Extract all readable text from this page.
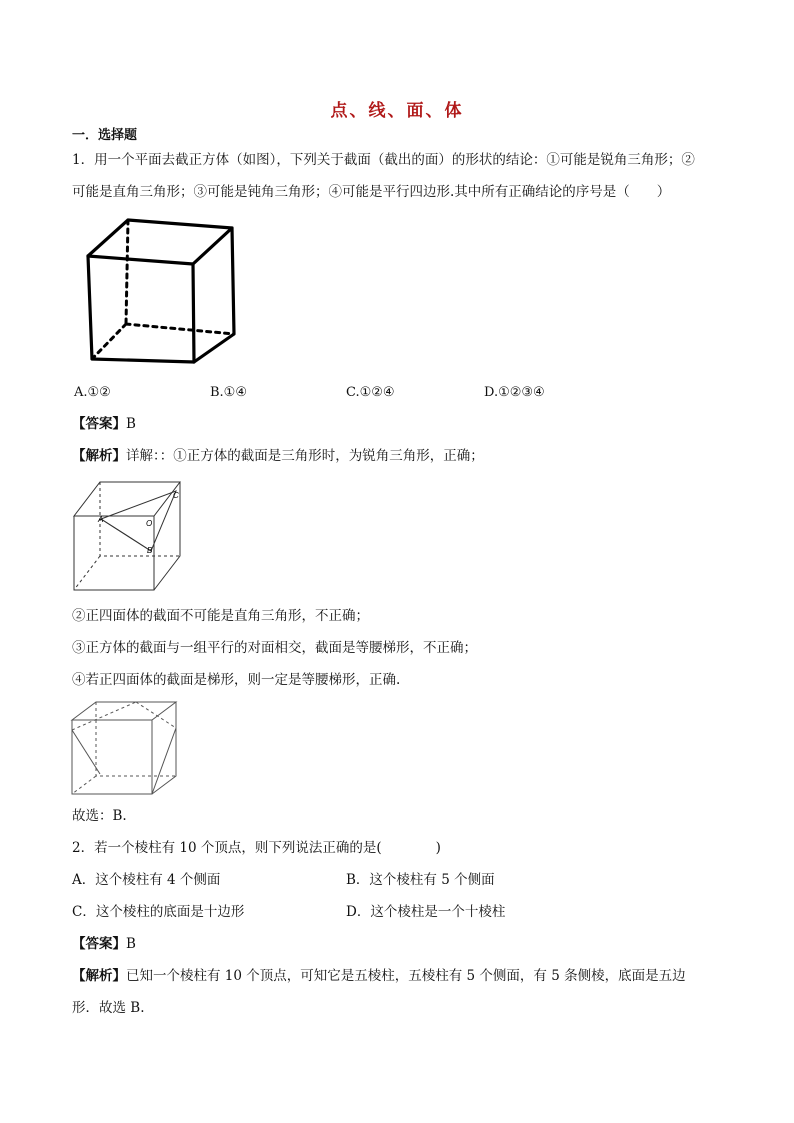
点、线、面、体
一．选择题
1．用一个平面去截正方体（如图），下列关于截面（截出的面）的形状的结论：①可能是锐角三角形；②
可能是直角三角形；③可能是钝角三角形；④可能是平行四边形.其中所有正确结论的序号是（　　）
A.①②	B.①④	C.①②④	D.①②③④
【答案】B
【解析】详解：：①正方体的截面是三角形时，为锐角三角形，正确；
A	O
B
C
②正四面体的截面不可能是直角三角形，不正确；
③正方体的截面与一组平行的对面相交，截面是等腰梯形，不正确；
④若正四面体的截面是梯形，则一定是等腰梯形，正确.
故选：B.
2．若一个棱柱有 10 个顶点，则下列说法正确的是(　　　　)
A．这个棱柱有 4 个侧面	B．这个棱柱有 5 个侧面
C．这个棱柱的底面是十边形	D．这个棱柱是一个十棱柱
【答案】B
【解析】已知一个棱柱有 10 个顶点，可知它是五棱柱，五棱柱有 5 个侧面，有 5 条侧棱，底面是五边
形．故选 B.
